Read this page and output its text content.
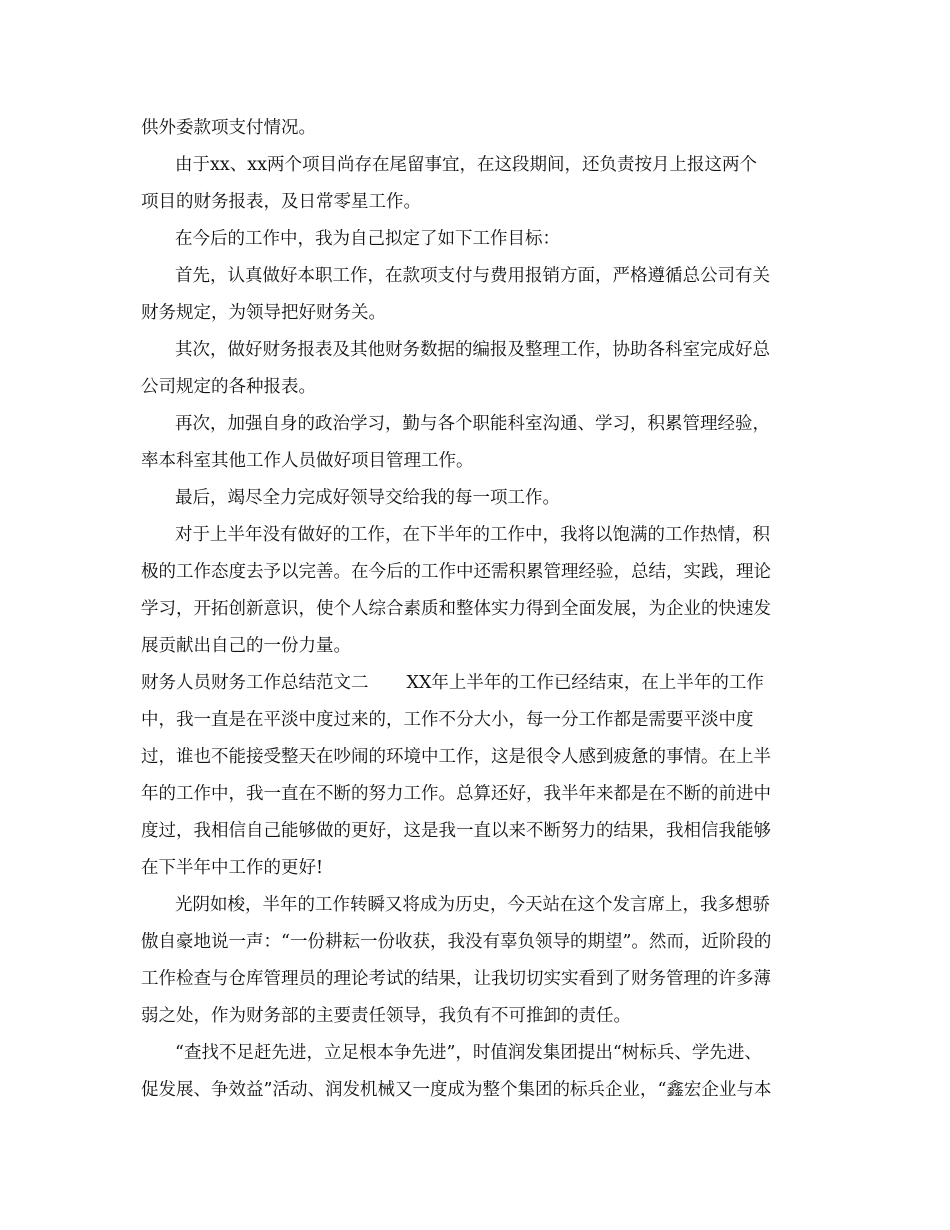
供外委款项支付情况。
由于xx、xx两个项目尚存在尾留事宜，在这段期间，还负责按月上报这两个
项目的财务报表，及日常零星工作。
在今后的工作中，我为自己拟定了如下工作目标：
首先，认真做好本职工作，在款项支付与费用报销方面，严格遵循总公司有关
财务规定，为领导把好财务关。
其次，做好财务报表及其他财务数据的编报及整理工作，协助各科室完成好总
公司规定的各种报表。
再次，加强自身的政治学习，勤与各个职能科室沟通、学习，积累管理经验，
率本科室其他工作人员做好项目管理工作。
最后，竭尽全力完成好领导交给我的每一项工作。
对于上半年没有做好的工作，在下半年的工作中，我将以饱满的工作热情，积
极的工作态度去予以完善。在今后的工作中还需积累管理经验，总结，实践，理论
学习，开拓创新意识，使个人综合素质和整体实力得到全面发展，为企业的快速发
展贡献出自己的一份力量。
财务人员财务工作总结范文二 XX年上半年的工作已经结束，在上半年的工作
中，我一直是在平淡中度过来的，工作不分大小，每一分工作都是需要平淡中度
过，谁也不能接受整天在吵闹的环境中工作，这是很令人感到疲惫的事情。在上半
年的工作中，我一直在不断的努力工作。总算还好，我半年来都是在不断的前进中
度过，我相信自己能够做的更好，这是我一直以来不断努力的结果，我相信我能够
在下半年中工作的更好!
光阴如梭，半年的工作转瞬又将成为历史，今天站在这个发言席上，我多想骄
傲自豪地说一声：“一份耕耘一份收获，我没有辜负领导的期望”。然而，近阶段的
工作检查与仓库管理员的理论考试的结果，让我切切实实看到了财务管理的许多薄
弱之处，作为财务部的主要责任领导，我负有不可推卸的责任。
“查找不足赶先进，立足根本争先进”，时值润发集团提出“树标兵、学先进、
促发展、争效益”活动、润发机械又一度成为整个集团的标兵企业，“鑫宏企业与本
